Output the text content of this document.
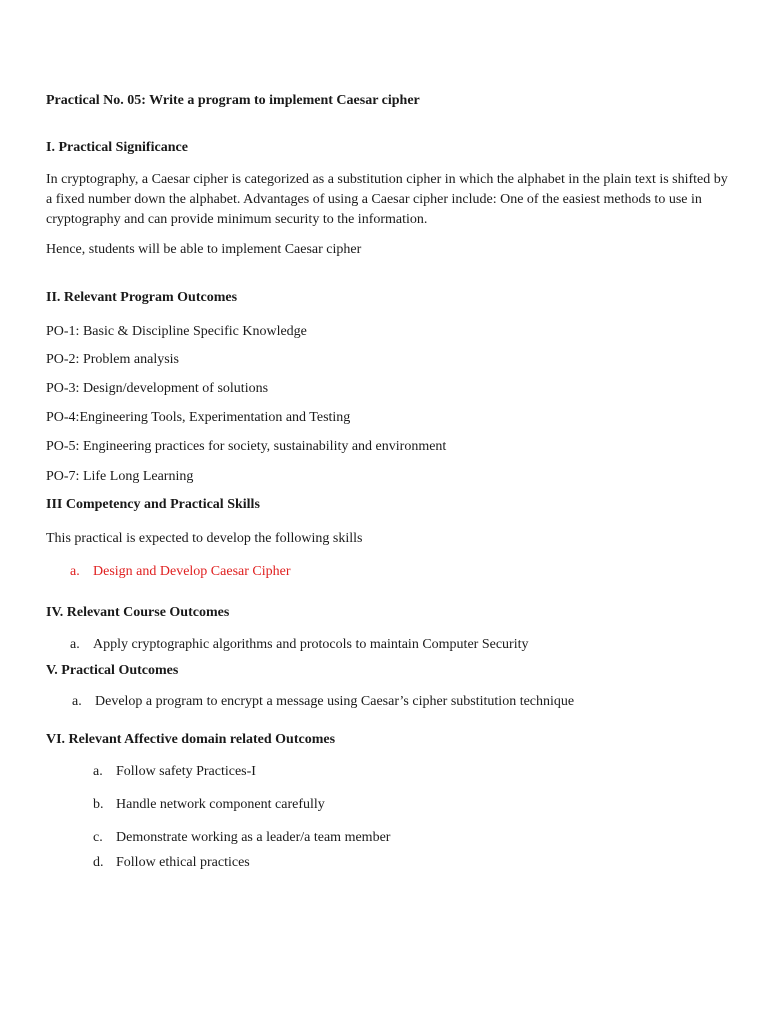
Practical No. 05: Write a program to implement Caesar cipher

I. Practical Significance

In cryptography, a Caesar cipher is categorized as a substitution cipher in which the alphabet in the plain text is shifted by a fixed number down the alphabet. Advantages of using a Caesar cipher include: One of the easiest methods to use in cryptography and can provide minimum security to the information.

Hence, students will be able to implement Caesar cipher

II. Relevant Program Outcomes

PO-1: Basic & Discipline Specific Knowledge

PO-2: Problem analysis

PO-3: Design/development of solutions

PO-4:Engineering Tools, Experimentation and Testing

PO-5: Engineering practices for society, sustainability and environment

PO-7: Life Long Learning

III Competency and Practical Skills

This practical is expected to develop the following skills

a. Design and Develop Caesar Cipher

IV. Relevant Course Outcomes

a. Apply cryptographic algorithms and protocols to maintain Computer Security

V. Practical Outcomes

a. Develop a program to encrypt a message using Caesar’s cipher substitution technique

VI. Relevant Affective domain related Outcomes

a. Follow safety Practices-I

b. Handle network component carefully

c. Demonstrate working as a leader/a team member

d. Follow ethical practices
